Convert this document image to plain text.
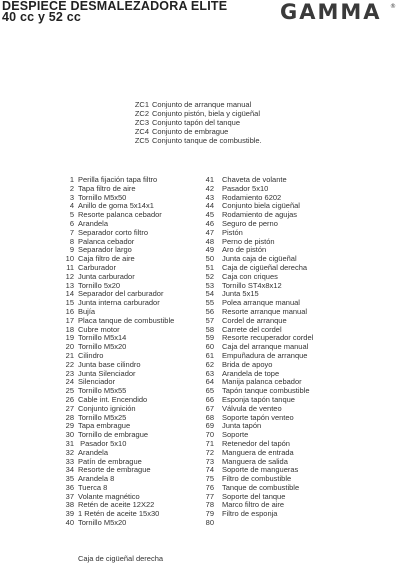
DESPIECE DESMALEZADORA ELITE
40 cc y 52 cc	GAMMA ®
ZC1 Conjunto de arranque manual
ZC2 Conjunto pistón, biela y cigüeñal
ZC3 Conjunto tapón del tanque
ZC4 Conjunto de embrague
ZC5 Conjunto tanque de combustible.
1 Perilla fijación tapa filtro
2 Tapa filtro de aire
3 Tornillo M5x50
4 Anillo de goma 5x14x1
5 Resorte palanca cebador
6 Arandela
7 Separador corto filtro
8 Palanca cebador
9 Separador largo
10 Caja filtro de aire
11 Carburador
12 Junta carburador
13 Tornillo 5x20
14 Separador del carburador
15 Junta interna carburador
16 Bujía
17 Placa tanque de combustible
18 Cubre motor
19 Tornillo M5x14
20 Tornillo M5x20
21 Cilindro
22 Junta base cilindro
23 Junta Silenciador
24 Silenciador
25 Tornillo M5x55
26 Cable int. Encendido
27 Conjunto ignición
28 Tornillo M5x25
29 Tapa embrague
30 Tornillo de embrague
31 Pasador 5x10
32 Arandela
33 Patín de embrague
34 Resorte de embrague
35 Arandela 8
36 Tuerca 8
37 Volante magnético
38 Retén de aceite 12X22
39 1 Retén de aceite 15x30
40 Tornillo M5x20
41 Chaveta de volante
42 Pasador 5x10
43 Rodamiento 6202
44 Conjunto biela cigüeñal
45 Rodamiento de agujas
46 Seguro de perno
47 Pistón
48 Perno de pistón
49 Aro de pistón
50 Junta caja de cigüeñal
51 Caja de cigüeñal derecha
52 Caja con criques
53 Tornillo ST4x8x12
54 Junta 5x15
55 Polea arranque manual
56 Resorte arranque manual
57 Cordel de arranque
58 Carrete del cordel
59 Resorte recuperador cordel
60 Caja del arranque manual
61 Empuñadura de arranque
62 Brida de apoyo
63 Arandela de tope
64 Manija palanca cebador
65 Tapón tanque combustible
66 Esponja tapón tanque
67 Válvula de venteo
68 Soporte tapón venteo
69 Junta tapón
70 Soporte
71 Retenedor del tapón
72 Manguera de entrada
73 Manguera de salida
74 Soporte de mangueras
75 Filtro de combustible
76 Tanque de combustible
77 Soporte del tanque
78 Marco filtro de aire
79 Filtro de esponja
80
Caja de cigüeñal derecha
